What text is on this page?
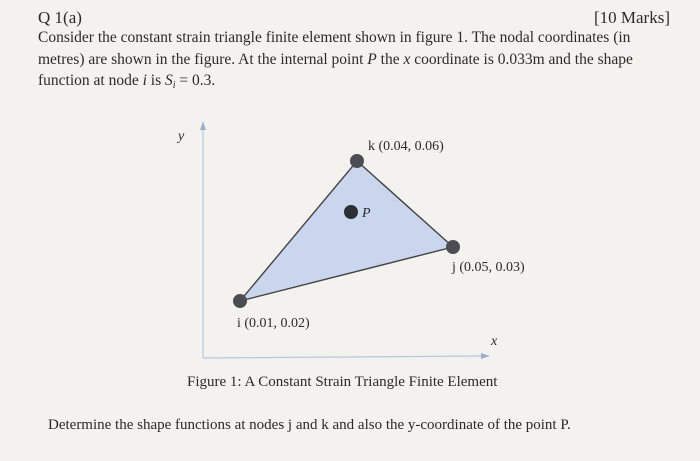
Q 1(a)	[10 Marks]
Consider the constant strain triangle finite element shown in figure 1. The nodal coordinates (in metres) are shown in the figure. At the internal point P the x coordinate is 0.033m and the shape function at node i is $S_i = 0.3$.
y
x
k (0.04, 0.06)
j (0.05, 0.03)
i (0.01, 0.02)
P
Figure 1: A Constant Strain Triangle Finite Element
Determine the shape functions at nodes j and k and also the y-coordinate of the point P.
